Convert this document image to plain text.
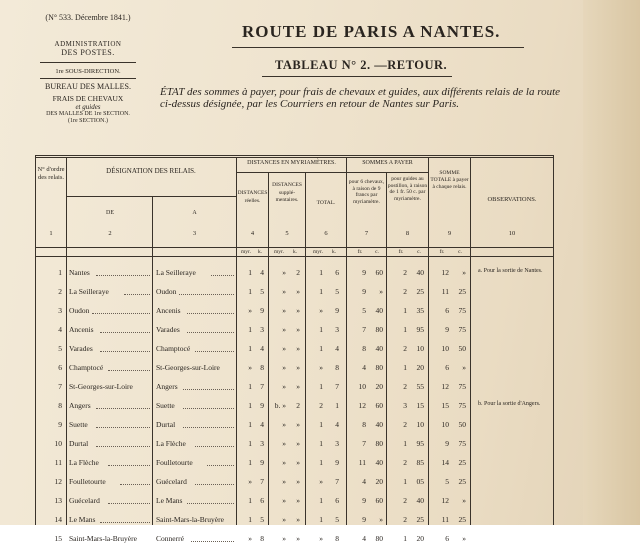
(N° 533. Décembre 1841.)
ADMINISTRATION
DES POSTES.
1re SOUS-DIRECTION.
BUREAU DES MALLES.
FRAIS DE CHEVAUX
et guides
DES MALLES DE 1re SECTION.
(1re SECTION.)
ROUTE DE PARIS A NANTES.
TABLEAU N° 2. —RETOUR.
ÉTAT des sommes à payer, pour frais de chevaux et guides, aux différents relais de la route ci-dessus désignée, par les Courriers en retour de Nantes sur Paris.
N° d'ordre des relais.
DÉSIGNATION DES RELAIS.
DE	A
DISTANCES EN MYRIAMÈTRES.
DISTANCES réelles.
DISTANCES supplé-mentaires.	TOTAL.
SOMMES A PAYER
pour 6 chevaux, à raison de 9 francs par myriamètre.
pour guides au postillon, à raison de 1 fr. 50 c. par myriamètre.
SOMME TOTALE à payer à chaque relais.
OBSERVATIONS.
1	2	3	4	5	6	7	8	9	10
myr.	k.	myr.	k.	myr.	k.	fr.	c.	fr.	c.	fr.	c.
1 Nantes	La Seilleraye	1	4	»	2	1	6	9	60	2	40	12	» a. Pour la sortie de Nantes.
2 La Seilleraye	Oudon	1	5	»	»	1	5	9	»	2	25	11	25
3 Oudon	Ancenis	»	9	»	»	»	9	5	40	1	35	6	75
4 Ancenis	Varades	1	3	»	»	1	3	7	80	1	95	9	75
5 Varades	Champtocé	1	4	»	»	1	4	8	40	2	10	10	50
6 Champtocé	St-Georges-sur-Loire	»	8	»	»	»	8	4	80	1	20	6	»
7 St-Georges-sur-Loire	Angers	1	7	»	»	1	7	10	20	2	55	12	75
8 Angers	Suette	1	9	b. »	2	2	1	12	60	3	15	15	75 b. Pour la sortie d'Angers.
9 Suette	Durtal	1	4	»	»	1	4	8	40	2	10	10	50
10 Durtal	La Flèche	1	3	»	»	1	3	7	80	1	95	9	75
11 La Flèche	Foulletourte	1	9	»	»	1	9	11	40	2	85	14	25
12 Foulletourte	Guécelard	»	7	»	»	»	7	4	20	1	05	5	25
13 Guécelard	Le Mans	1	6	»	»	1	6	9	60	2	40	12	»
14 Le Mans	Saint-Mars-la-Bruyère	1	5	»	»	1	5	9	»	2	25	11	25
15 Saint-Mars-la-Bruyère	Connerré	»	8	»	»	»	8	4	80	1	20	6	»
